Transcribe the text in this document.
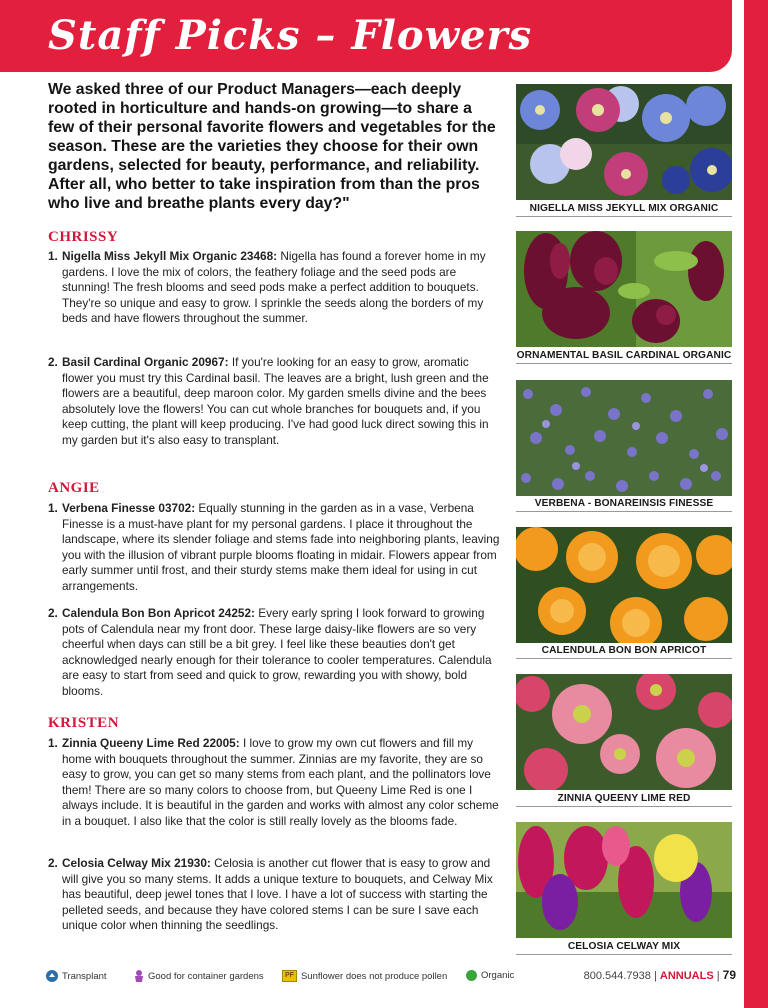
Staff Picks – Flowers
We asked three of our Product Managers—each deeply rooted in horticulture and hands-on growing—to share a few of their personal favorite flowers and vegetables for the season. These are the varieties they choose for their own gardens, selected for beauty, performance, and reliability. After all, who better to take inspiration from than the pros who live and breathe plants every day?"
CHRISSY
1. Nigella Miss Jekyll Mix Organic 23468: Nigella has found a forever home in my gardens. I love the mix of colors, the feathery foliage and the seed pods are stunning! The fresh blooms and seed pods make a perfect addition to bouquets. They're so unique and easy to grow. I sprinkle the seeds along the borders of my beds and have flowers throughout the summer.
2. Basil Cardinal Organic 20967: If you're looking for an easy to grow, aromatic flower you must try this Cardinal basil. The leaves are a bright, lush green and the flowers are a beautiful, deep maroon color. My garden smells divine and the bees absolutely love the flowers! You can cut whole branches for bouquets and, if you keep cutting, the plant will keep producing. I've had good luck direct sowing this in my garden but it's also easy to transplant.
ANGIE
1. Verbena Finesse 03702: Equally stunning in the garden as in a vase, Verbena Finesse is a must-have plant for my personal gardens. I place it throughout the landscape, where its slender foliage and stems fade into neighboring plants, leaving you with the illusion of vibrant purple blooms floating in midair. Flowers appear from early summer until frost, and their sturdy stems make them ideal for using in cut arrangements.
2. Calendula Bon Bon Apricot 24252: Every early spring I look forward to growing pots of Calendula near my front door. These large daisy-like flowers are so very cheerful when days can still be a bit grey. I feel like these beauties don't get acknowledged nearly enough for their tolerance to cooler temperatures. Calendula are easy to start from seed and quick to grow, rewarding you with showy, bold blooms.
KRISTEN
1. Zinnia Queeny Lime Red 22005: I love to grow my own cut flowers and fill my home with bouquets throughout the summer. Zinnias are my favorite, they are so easy to grow, you can get so many stems from each plant, and the pollinators love them! There are so many colors to choose from, but Queeny Lime Red is one I always include. It is beautiful in the garden and works with almost any color scheme in a bouquet. I also like that the color is still really lovely as the blooms fade.
2. Celosia Celway Mix 21930: Celosia is another cut flower that is easy to grow and will give you so many stems. It adds a unique texture to bouquets, and Celway Mix has beautiful, deep jewel tones that I love. I have a lot of success with starting the pelleted seeds, and because they have colored stems I can be sure I save each unique color when thinning the seedlings.
NIGELLA MISS JEKYLL MIX ORGANIC
ORNAMENTAL BASIL CARDINAL ORGANIC
VERBENA - BONAREINSIS FINESSE
CALENDULA BON BON APRICOT
ZINNIA QUEENY LIME RED
CELOSIA CELWAY MIX
Transplant	Good for container gardens	PF Sunflower does not produce pollen	Organic	800.544.7938 | ANNUALS | 79
